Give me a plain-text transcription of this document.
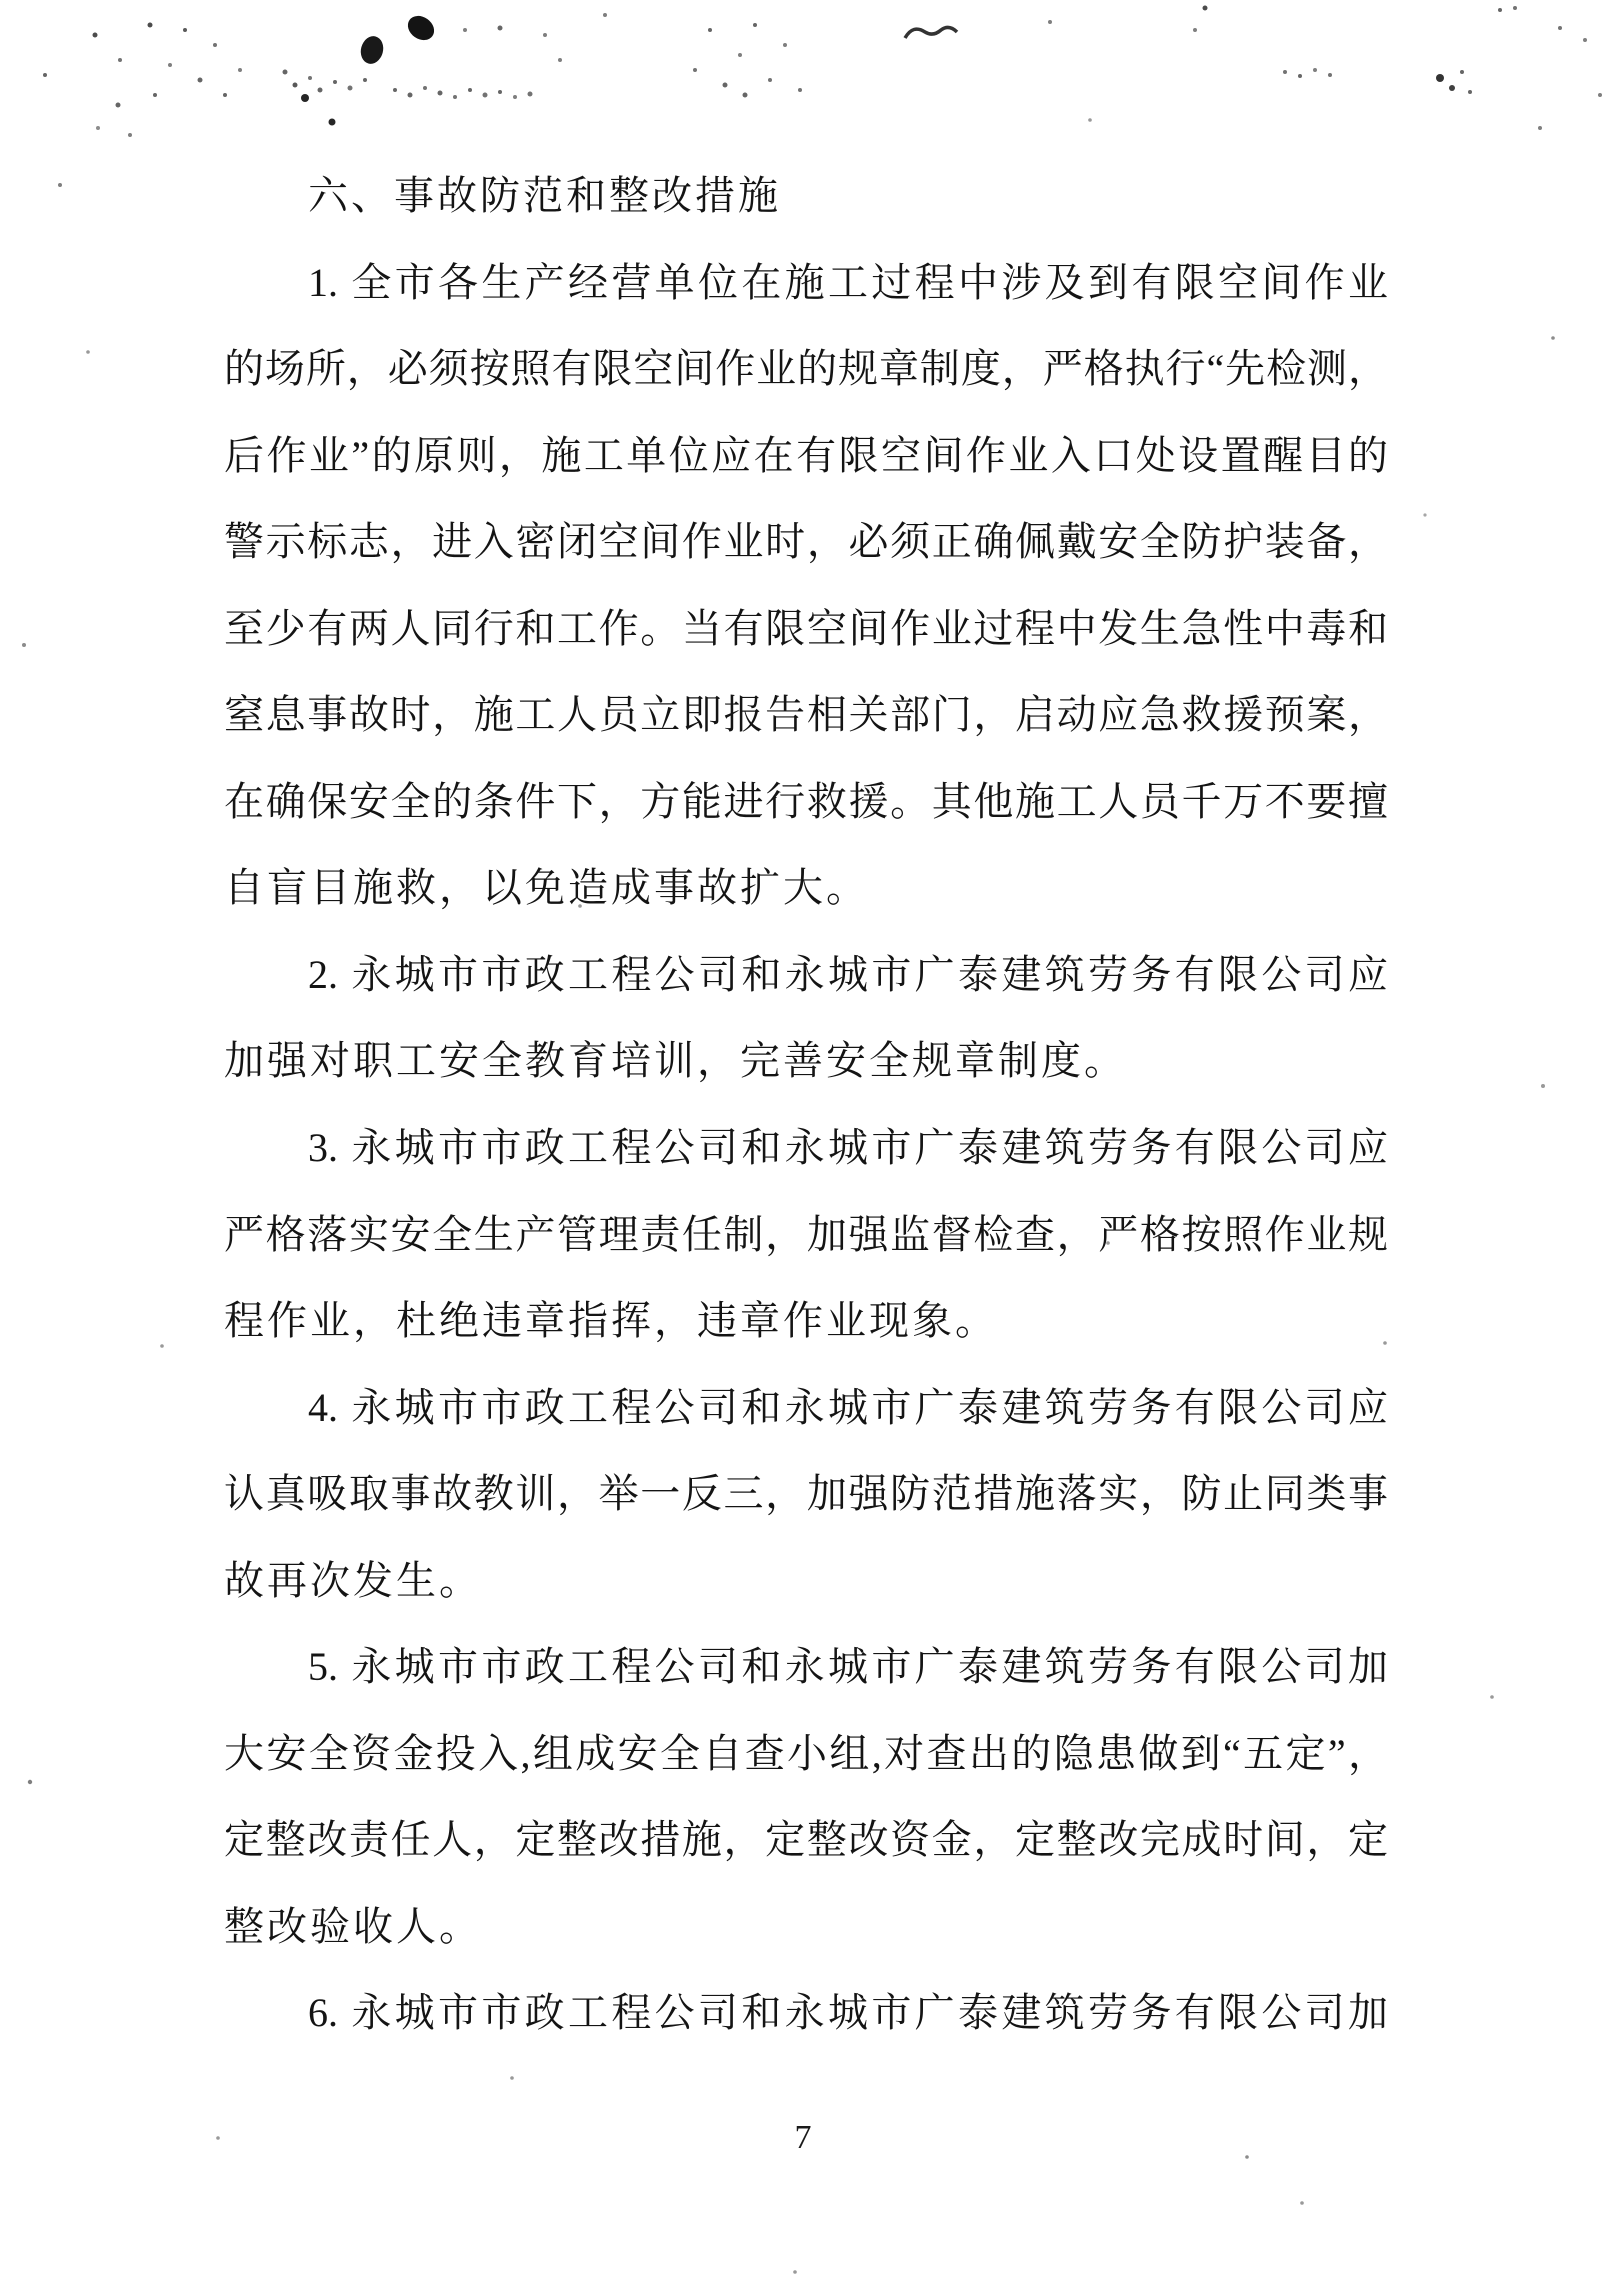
六、事故防范和整改措施
1. 全市各生产经营单位在施工过程中涉及到有限空间作业
的场所，必须按照有限空间作业的规章制度，严格执行“先检测，
后作业”的原则，施工单位应在有限空间作业入口处设置醒目的
警示标志，进入密闭空间作业时，必须正确佩戴安全防护装备，
至少有两人同行和工作。当有限空间作业过程中发生急性中毒和
窒息事故时，施工人员立即报告相关部门，启动应急救援预案，
在确保安全的条件下，方能进行救援。其他施工人员千万不要擅
自盲目施救，以免造成事故扩大。
2. 永城市市政工程公司和永城市广泰建筑劳务有限公司应
加强对职工安全教育培训，完善安全规章制度。
3. 永城市市政工程公司和永城市广泰建筑劳务有限公司应
严格落实安全生产管理责任制，加强监督检查，严格按照作业规
程作业，杜绝违章指挥，违章作业现象。
4. 永城市市政工程公司和永城市广泰建筑劳务有限公司应
认真吸取事故教训，举一反三，加强防范措施落实，防止同类事
故再次发生。
5. 永城市市政工程公司和永城市广泰建筑劳务有限公司加
大安全资金投入,组成安全自查小组,对查出的隐患做到“五定”，
定整改责任人，定整改措施，定整改资金，定整改完成时间，定
整改验收人。
6. 永城市市政工程公司和永城市广泰建筑劳务有限公司加
7
